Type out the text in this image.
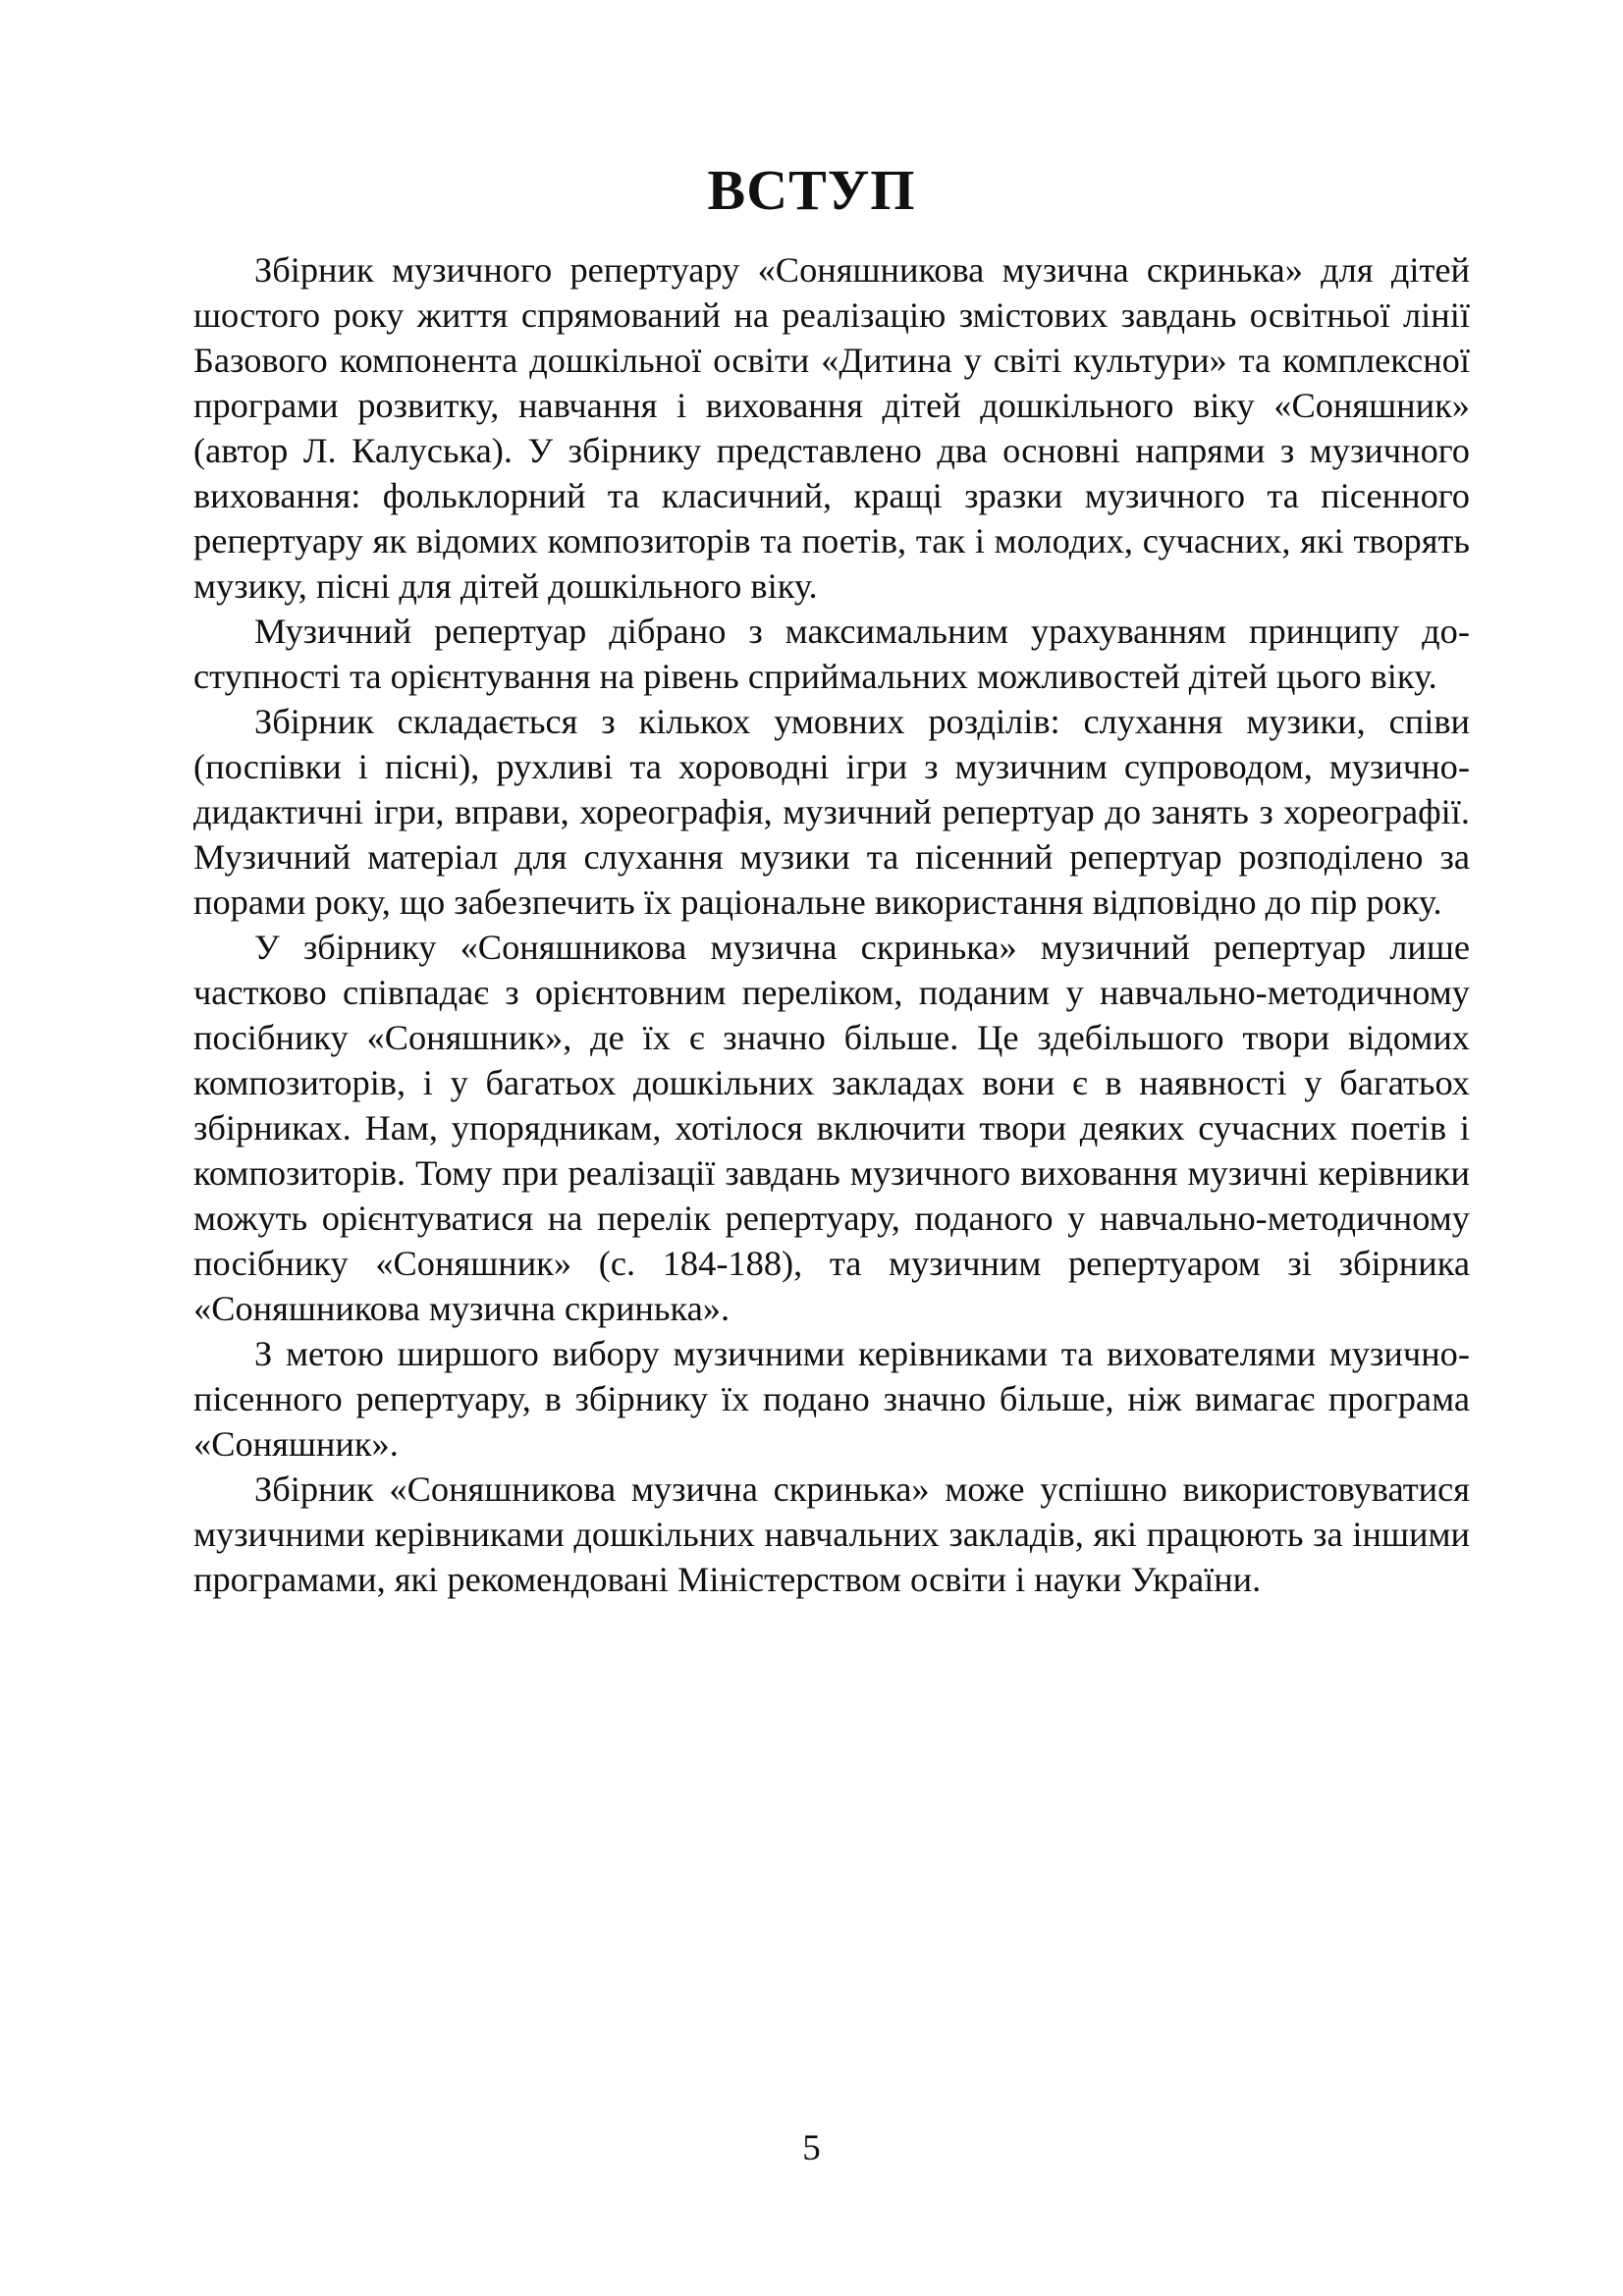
ВСТУП

Збірник музичного репертуару «Соняшникова музична скринька» для дітей шостого року життя спрямований на реалізацію змістових завдань освітньої лінії Базового компонента дошкільної освіти «Дитина у світі культури» та комплексної програми розвитку, навчання і виховання дітей дошкільного віку «Соняшник» (автор Л. Калуська). У збірнику представлено два основні напрями з музичного виховання: фольклорний та класичний, кращі зразки музичного та пісенного репертуару як відомих композиторів та поетів, так і молодих, сучасних, які творять музику, пісні для дітей дошкільного віку.

Музичний репертуар дібрано з максимальним урахуванням принципу доступності та орієнтування на рівень сприймальних можливостей дітей цього віку.

Збірник складається з кількох умовних розділів: слухання музики, співи (поспівки і пісні), рухливі та хороводні ігри з музичним супроводом, музично-дидактичні ігри, вправи, хореографія, музичний репертуар до занять з хореографії. Музичний матеріал для слухання музики та пісенний репертуар розподілено за порами року, що забезпечить їх раціональне використання відповідно до пір року.

У збірнику «Соняшникова музична скринька» музичний репертуар лише частково співпадає з орієнтовним переліком, поданим у навчально-методичному посібнику «Соняшник», де їх є значно більше. Це здебільшого твори відомих композиторів, і у багатьох дошкільних закладах вони є в наявності у багатьох збірниках. Нам, упорядникам, хотілося включити твори деяких сучасних поетів і композиторів. Тому при реалізації завдань музичного виховання музичні керівники можуть орієнтуватися на перелік репертуару, поданого у навчально-методичному посібнику «Соняшник» (с. 184-188), та музичним репертуаром зі збірника «Соняшникова музична скринька».

З метою ширшого вибору музичними керівниками та вихователями музично-пісенного репертуару, в збірнику їх подано значно більше, ніж вимагає програма «Соняшник».

Збірник «Соняшникова музична скринька» може успішно використовуватися музичними керівниками дошкільних навчальних закладів, які працюють за іншими програмами, які рекомендовані Міністерством освіти і науки України.

5
